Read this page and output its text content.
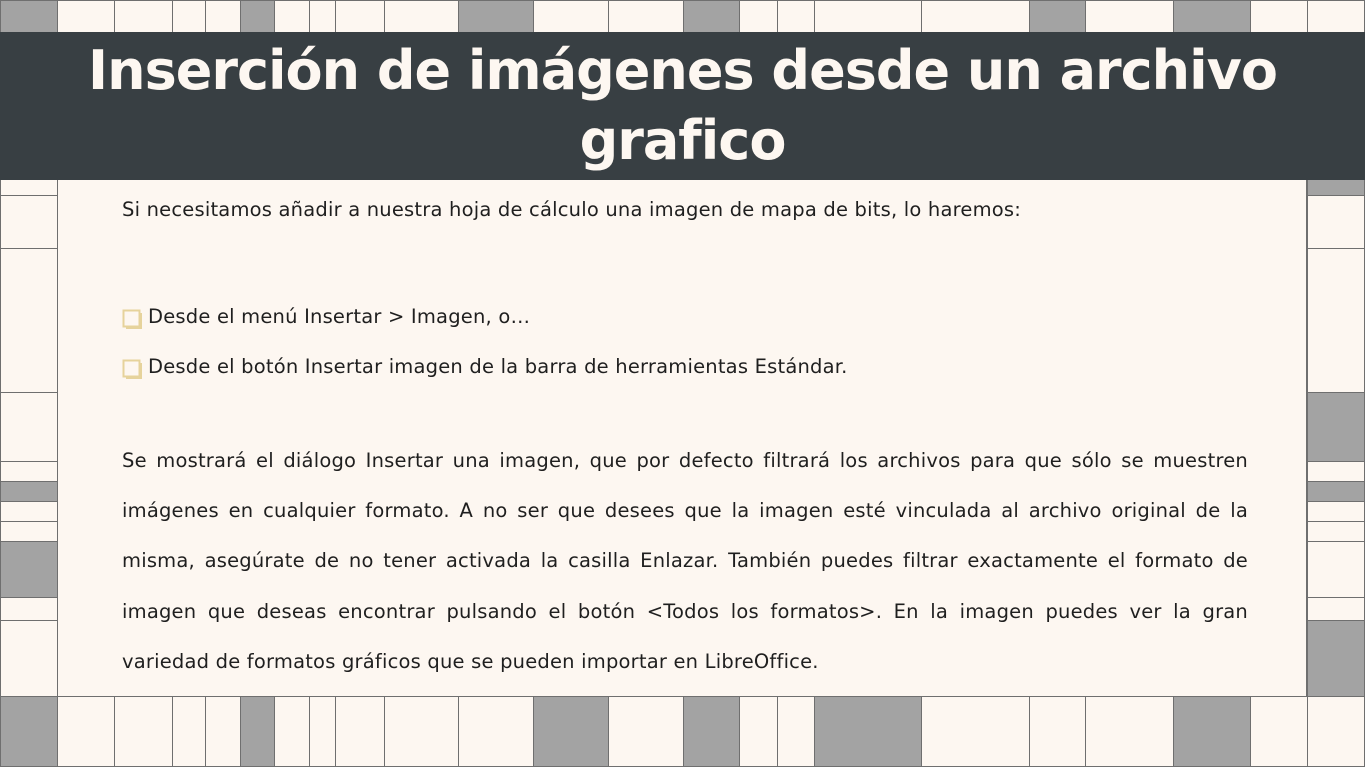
Inserción de imágenes desde un archivo grafico
Si necesitamos añadir a nuestra hoja de cálculo una imagen de mapa de bits, lo haremos:
Desde el menú Insertar > Imagen, o…
Desde el botón Insertar imagen de la barra de herramientas Estándar.
Se mostrará el diálogo Insertar una imagen, que por defecto filtrará los archivos para que sólo se muestren imágenes en cualquier formato. A no ser que desees que la imagen esté vinculada al archivo original de la misma, asegúrate de no tener activada la casilla Enlazar. También puedes filtrar exactamente el formato de imagen que deseas encontrar pulsando el botón <Todos los formatos>. En la imagen puedes ver la gran variedad de formatos gráficos que se pueden importar en LibreOffice.
